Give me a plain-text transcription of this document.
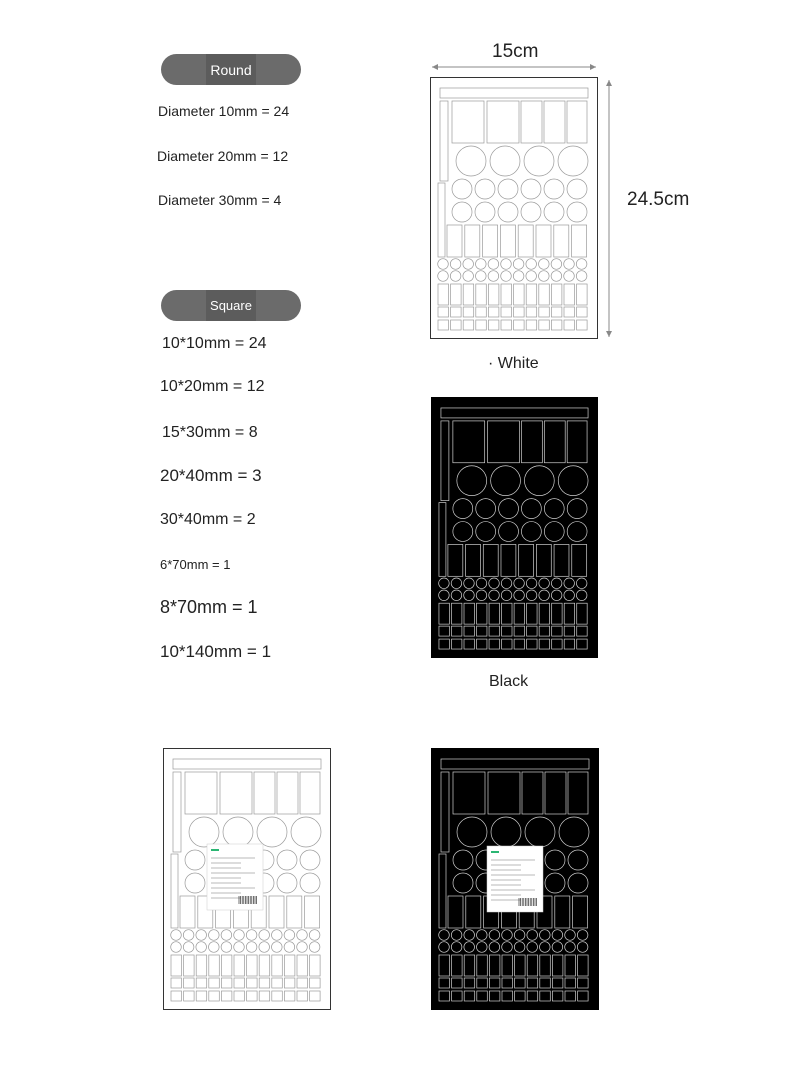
Round
Diameter 10mm = 24
Diameter 20mm = 12
Diameter 30mm = 4
Square
10*10mm = 24
10*20mm = 12
15*30mm = 8
20*40mm = 3
30*40mm = 2
6*70mm = 1
8*70mm = 1
10*140mm = 1
15cm
24.5cm
· White
Black
